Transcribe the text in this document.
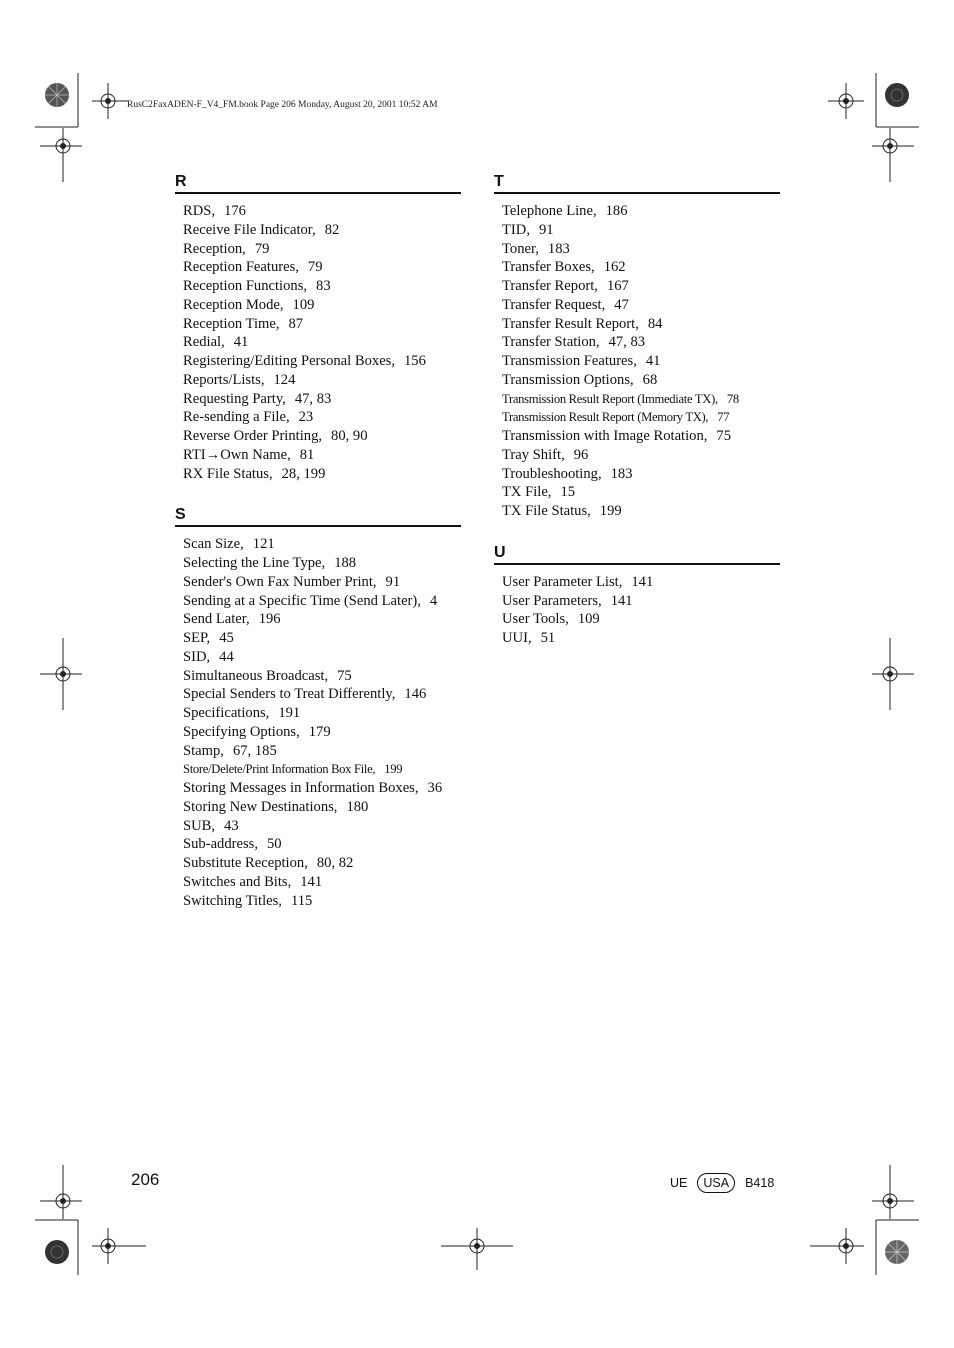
RusC2FaxADEN-F_V4_FM.book Page 206 Monday, August 20, 2001 10:52 AM
R
RDS, 176
Receive File Indicator, 82
Reception, 79
Reception Features, 79
Reception Functions, 83
Reception Mode, 109
Reception Time, 87
Redial, 41
Registering/Editing Personal Boxes, 156
Reports/Lists, 124
Requesting Party, 47, 83
Re-sending a File, 23
Reverse Order Printing, 80, 90
RTI→Own Name, 81
RX File Status, 28, 199
S
Scan Size, 121
Selecting the Line Type, 188
Sender's Own Fax Number Print, 91
Sending at a Specific Time (Send Later), 4
Send Later, 196
SEP, 45
SID, 44
Simultaneous Broadcast, 75
Special Senders to Treat Differently, 146
Specifications, 191
Specifying Options, 179
Stamp, 67, 185
Store/Delete/Print Information Box File, 199
Storing Messages in Information Boxes, 36
Storing New Destinations, 180
SUB, 43
Sub-address, 50
Substitute Reception, 80, 82
Switches and Bits, 141
Switching Titles, 115
T
Telephone Line, 186
TID, 91
Toner, 183
Transfer Boxes, 162
Transfer Report, 167
Transfer Request, 47
Transfer Result Report, 84
Transfer Station, 47, 83
Transmission Features, 41
Transmission Options, 68
Transmission Result Report (Immediate TX), 78
Transmission Result Report (Memory TX), 77
Transmission with Image Rotation, 75
Tray Shift, 96
Troubleshooting, 183
TX File, 15
TX File Status, 199
U
User Parameter List, 141
User Parameters, 141
User Tools, 109
UUI, 51
206	UE	USA	B418
